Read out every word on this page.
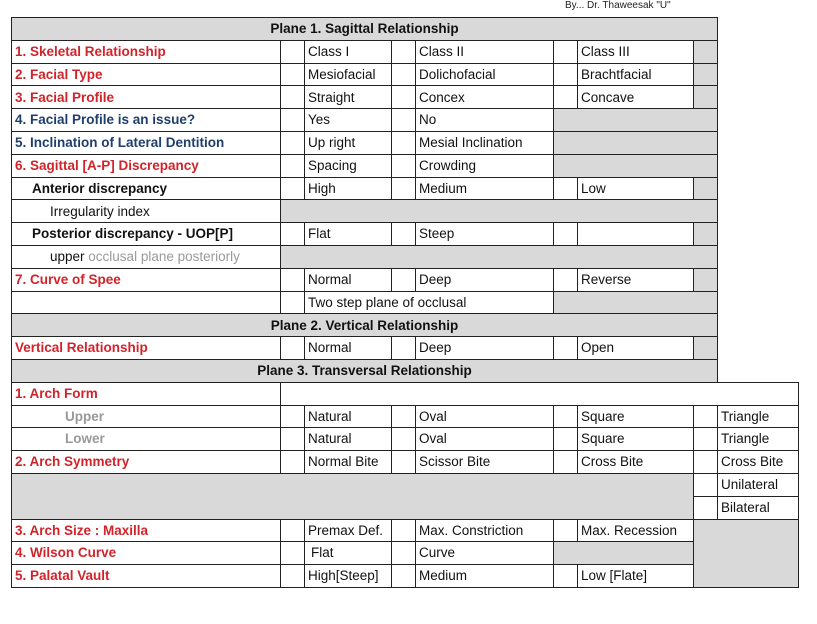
By... Dr. Thaweesak "U"
Plane 1. Sagittal Relationship								
1. Skeletal Relationship		Class I		Class II		Class III		
2. Facial Type		Mesiofacial		Dolichofacial		Brachtfacial		
3. Facial Profile		Straight		Concex		Concave		
4. Facial Profile is an issue?		Yes		No				
5. Inclination of Lateral Dentition		Up right		Mesial Inclination				
6. Sagittal [A-P] Discrepancy		Spacing		Crowding				
Anterior discrepancy		High		Medium		Low		
Irregularity index								
Posterior discrepancy - UOP[P]		Flat		Steep				
upper occlusal plane posteriorly								
7. Curve of Spee		Normal		Deep		Reverse		
		Two step plane of occlusal						
Plane 2. Vertical Relationship								
Vertical Relationship		Normal		Deep		Open		
Plane 3. Transversal Relationship								
1. Arch Form								
Upper		Natural		Oval		Square		Triangle
Lower		Natural		Oval		Square		Triangle
2. Arch Symmetry		Normal Bite		Scissor Bite		Cross Bite		Cross Bite
								Unilateral
								Bilateral
3. Arch Size : Maxilla		Premax Def.		Max. Constriction		Max. Recession		
4. Wilson Curve		Flat		Curve				
5. Palatal Vault		High[Steep]		Medium		Low [Flate]		
